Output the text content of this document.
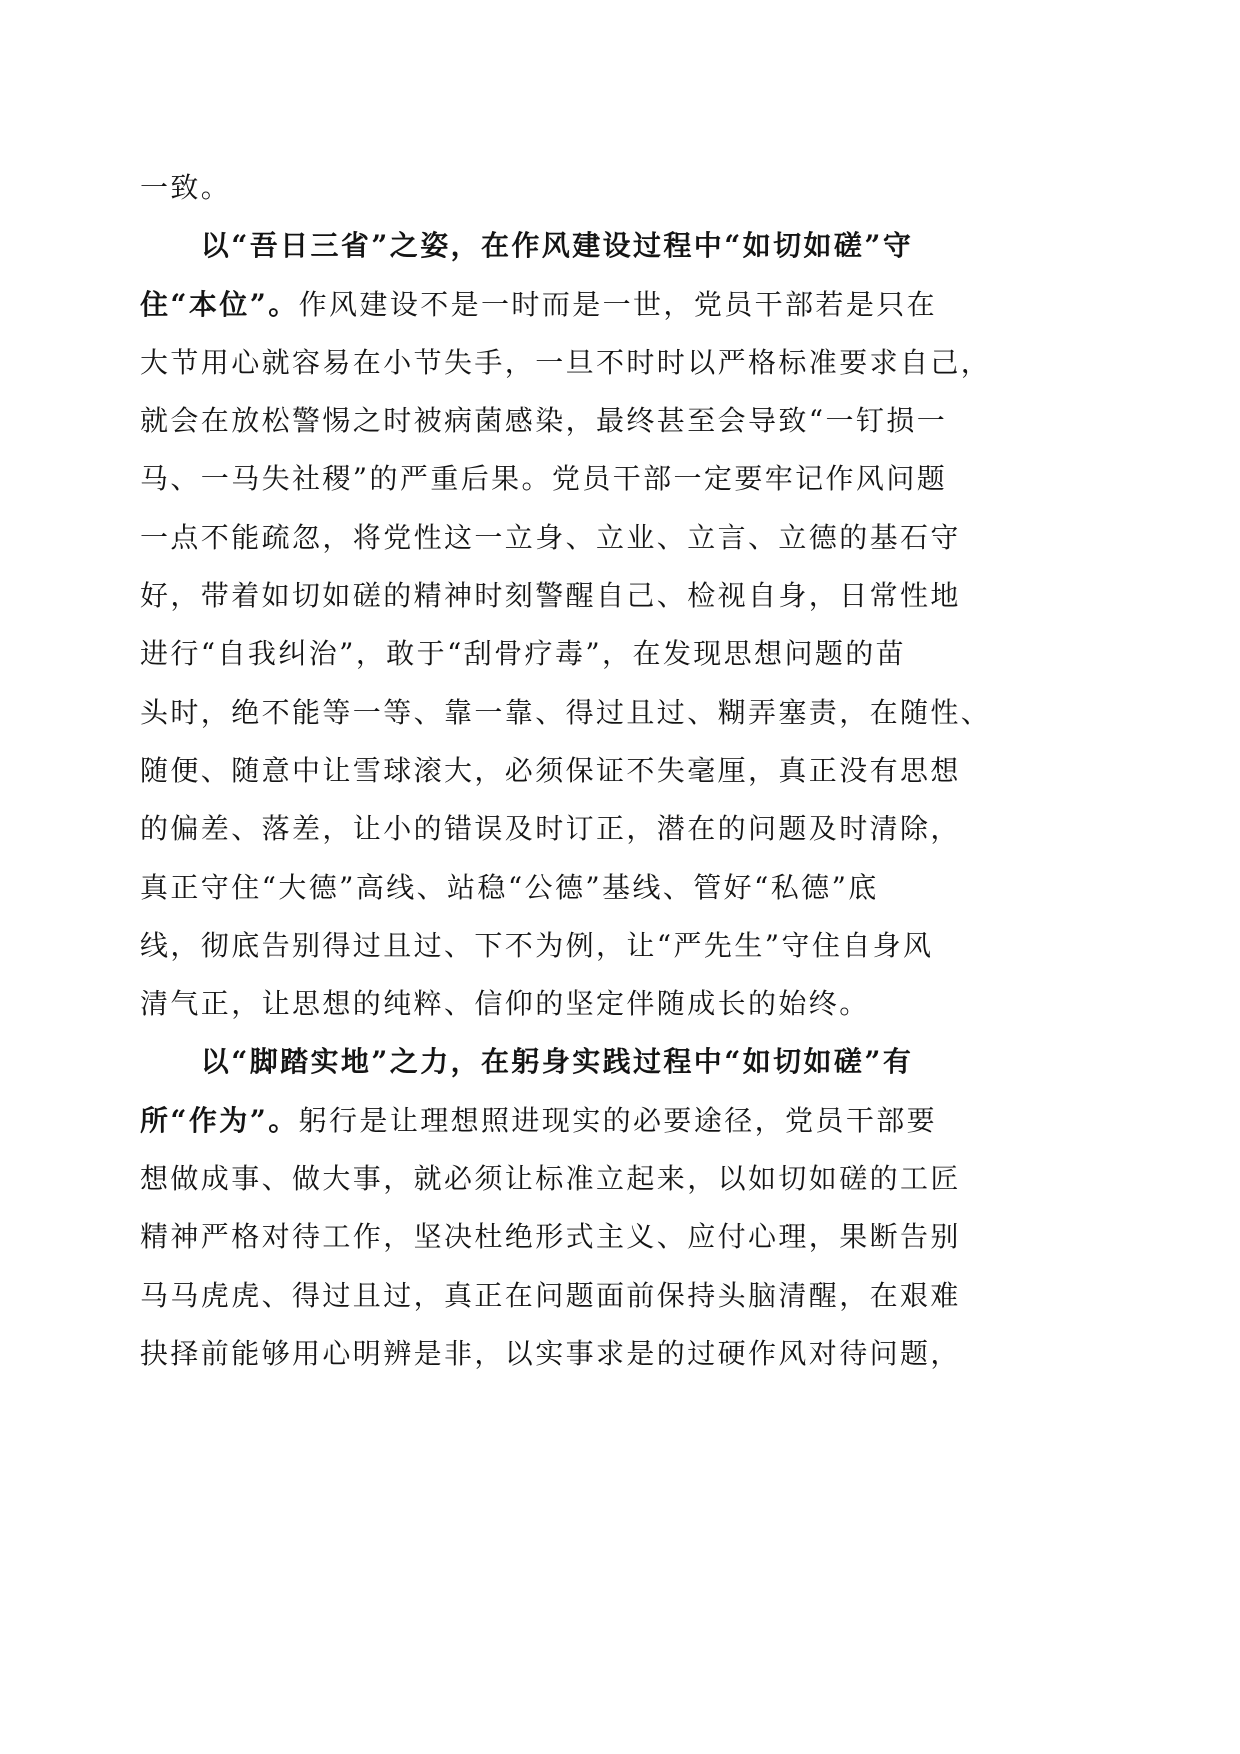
一致。
以“吾日三省”之姿，在作风建设过程中“如切如磋”守
住“本位”。作风建设不是一时而是一世，党员干部若是只在
大节用心就容易在小节失手，一旦不时时以严格标准要求自己，
就会在放松警惕之时被病菌感染，最终甚至会导致“一钉损一
马、一马失社稷”的严重后果。党员干部一定要牢记作风问题
一点不能疏忽，将党性这一立身、立业、立言、立德的基石守
好，带着如切如磋的精神时刻警醒自己、检视自身，日常性地
进行“自我纠治”，敢于“刮骨疗毒”，在发现思想问题的苗
头时，绝不能等一等、靠一靠、得过且过、糊弄塞责，在随性、
随便、随意中让雪球滚大，必须保证不失毫厘，真正没有思想
的偏差、落差，让小的错误及时订正，潜在的问题及时清除，
真正守住“大德”高线、站稳“公德”基线、管好“私德”底
线，彻底告别得过且过、下不为例，让“严先生”守住自身风
清气正，让思想的纯粹、信仰的坚定伴随成长的始终。
以“脚踏实地”之力，在躬身实践过程中“如切如磋”有
所“作为”。躬行是让理想照进现实的必要途径，党员干部要
想做成事、做大事，就必须让标准立起来，以如切如磋的工匠
精神严格对待工作，坚决杜绝形式主义、应付心理，果断告别
马马虎虎、得过且过，真正在问题面前保持头脑清醒，在艰难
抉择前能够用心明辨是非，以实事求是的过硬作风对待问题，
